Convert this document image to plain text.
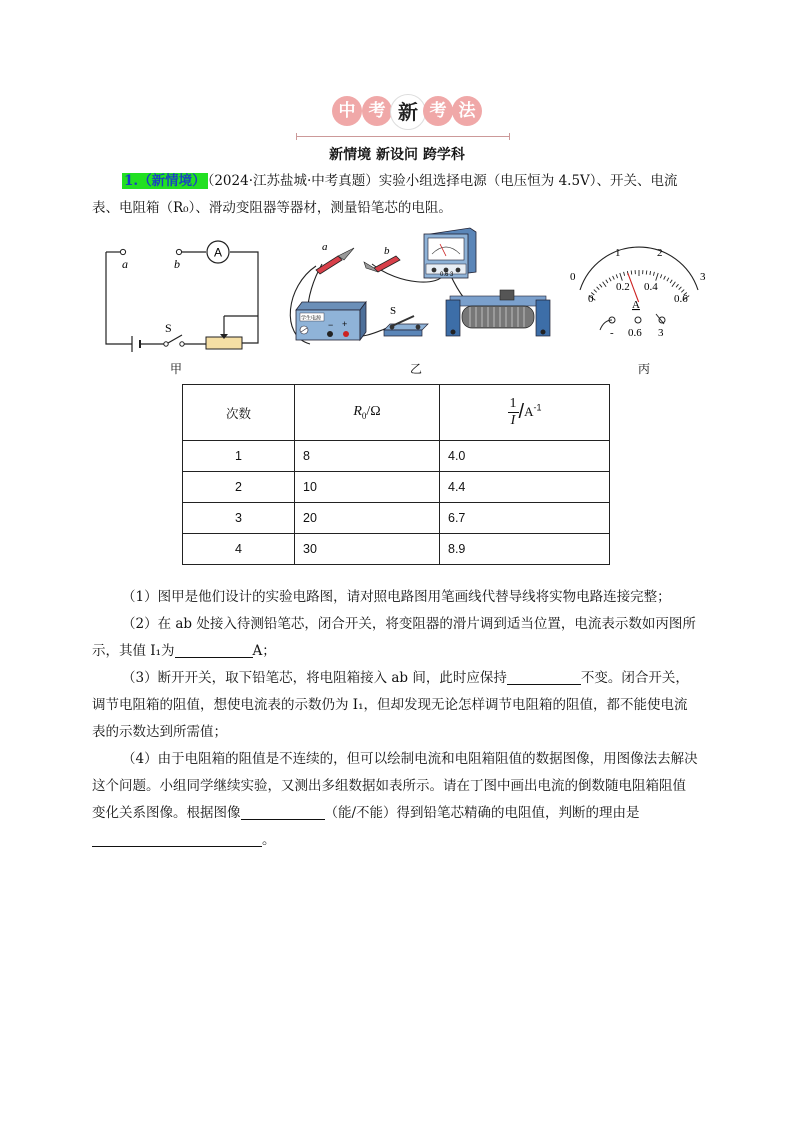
中 考 新 考 法
新情境 新设问 跨学科
1.（新情境） （2024·江苏盐城·中考真题）实验小组选择电源（电压恒为 4.5V）、开关、电流
表、电阻箱（R₀）、滑动变阻器等器材，测量铅笔芯的电阻。
A
a	b
S
甲
a	b
0.6 3
− +
学生电源
S
乙
0
1	2
3
0
0.2 0.4
0.6
A
- 0.6 3
丙
次数	$R_0/\Omega$	$\frac{1}{I} /A^{-1}$
1	8	4.0
2	10	4.4
3	20	6.7
4	30	8.9
（1）图甲是他们设计的实验电路图，请对照电路图用笔画线代替导线将实物电路连接完整；
（2）在 ab 处接入待测铅笔芯，闭合开关，将变阻器的滑片调到适当位置，电流表示数如丙图所
示，其值 I₁为	A；
（3）断开开关，取下铅笔芯，将电阻箱接入 ab 间，此时应保持	不变。闭合开关，
调节电阻箱的阻值，想使电流表的示数仍为 I₁，但却发现无论怎样调节电阻箱的阻值，都不能使电流
表的示数达到所需值；
（4）由于电阻箱的阻值是不连续的，但可以绘制电流和电阻箱阻值的数据图像，用图像法去解决
这个问题。小组同学继续实验，又测出多组数据如表所示。请在丁图中画出电流的倒数随电阻箱阻值
变化关系图像。根据图像	（能/不能）得到铅笔芯精确的电阻值，判断的理由是
。
